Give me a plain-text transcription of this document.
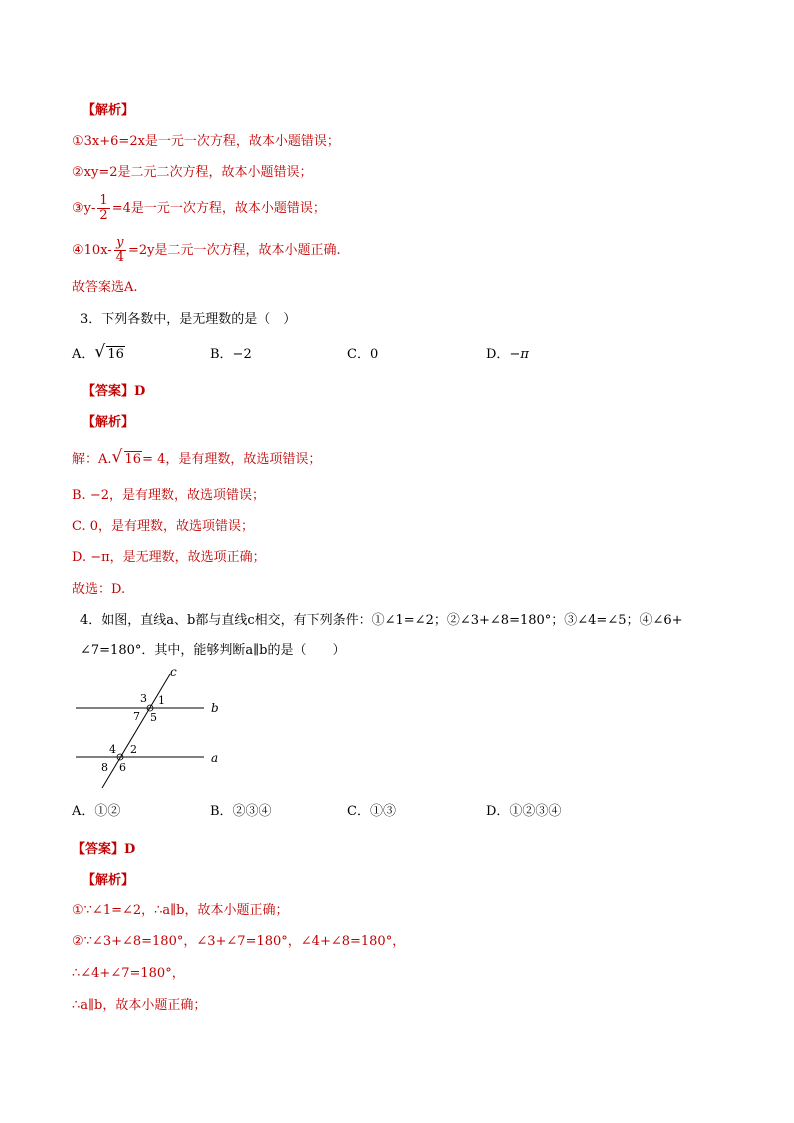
【解析】
①3x+6=2x是一元一次方程，故本小题错误；
②xy=2是二元二次方程，故本小题错误；
③y- $\frac{1}{2} =4$是一元一次方程，故本小题错误；
④10x- $\frac{y}{4} =2y$是二元一次方程，故本小题正确.
故答案选A.
3．下列各数中，是无理数的是（　）
A． √ 16	B．−2	C．0	D．−π
【答案】D
【解析】
解：A. √ 16= 4，是有理数，故选项错误；
B. −2，是有理数，故选项错误；
C. 0，是有理数，故选项错误；
D. −π，是无理数，故选项正确；
故选：D.
4．如图，直线a、b都与直线c相交，有下列条件：①∠1=∠2；②∠3+∠8=180°；③∠4=∠5；④∠6+
∠7=180°．其中，能够判断a∥b的是（　　）
c
b
a
1
2
3
4
5
6
7
8
A．①②	B．②③④	C．①③	D．①②③④
【答案】D
【解析】
①∵∠1=∠2，∴a∥b，故本小题正确；
②∵∠3+∠8=180°，∠3+∠7=180°，∠4+∠8=180°，
∴∠4+∠7=180°，
∴a∥b，故本小题正确；
